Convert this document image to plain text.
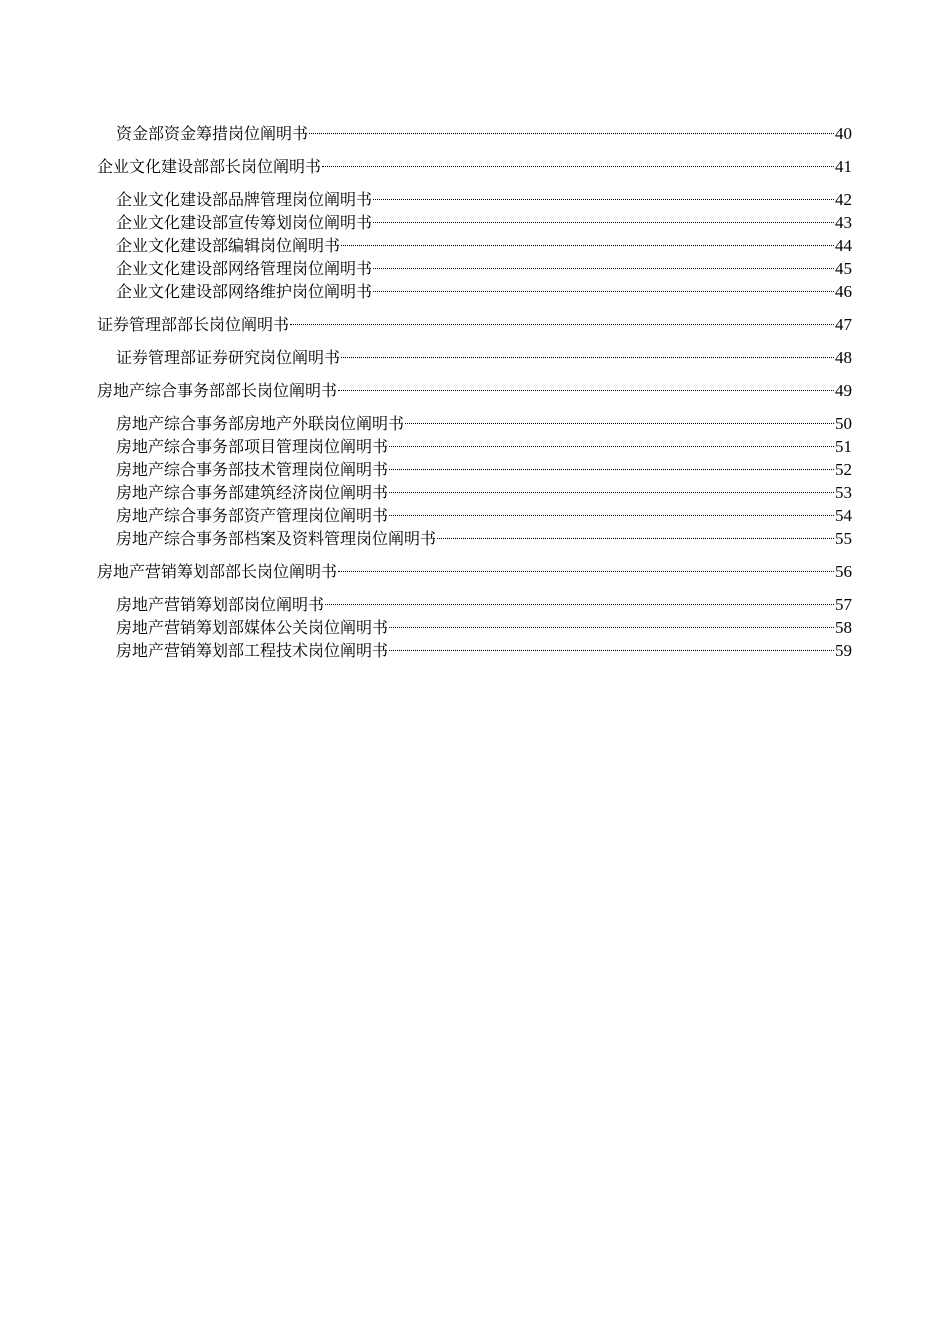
资金部资金筹措岗位阐明书	40
企业文化建设部部长岗位阐明书	41
企业文化建设部品牌管理岗位阐明书	42
企业文化建设部宣传筹划岗位阐明书	43
企业文化建设部编辑岗位阐明书	44
企业文化建设部网络管理岗位阐明书	45
企业文化建设部网络维护岗位阐明书	46
证券管理部部长岗位阐明书	47
证券管理部证券研究岗位阐明书	48
房地产综合事务部部长岗位阐明书	49
房地产综合事务部房地产外联岗位阐明书	50
房地产综合事务部项目管理岗位阐明书	51
房地产综合事务部技术管理岗位阐明书	52
房地产综合事务部建筑经济岗位阐明书	53
房地产综合事务部资产管理岗位阐明书	54
房地产综合事务部档案及资料管理岗位阐明书	55
房地产营销筹划部部长岗位阐明书	56
房地产营销筹划部岗位阐明书	57
房地产营销筹划部媒体公关岗位阐明书	58
房地产营销筹划部工程技术岗位阐明书	59
